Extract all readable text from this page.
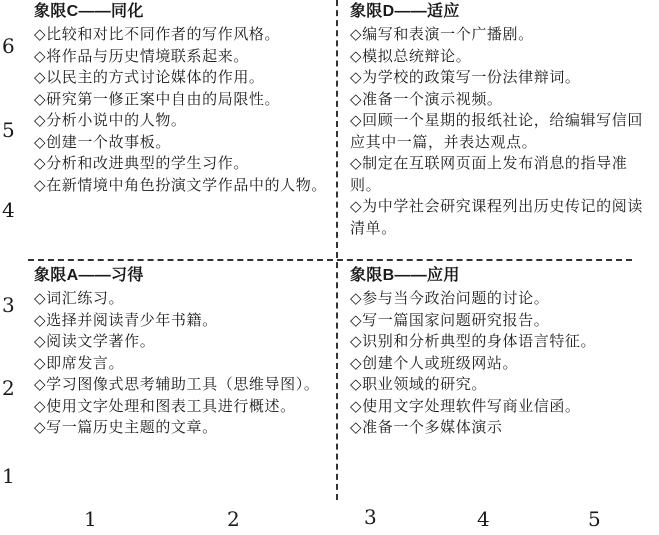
6
5
4
3
2
1
1	2	3	4	5
象限C——同化
◇比较和对比不同作者的写作风格。
◇将作品与历史情境联系起来。
◇以民主的方式讨论媒体的作用。
◇研究第一修正案中自由的局限性。
◇分析小说中的人物。
◇创建一个故事板。
◇分析和改进典型的学生习作。
◇在新情境中角色扮演文学作品中的人物。
象限D——适应
◇编写和表演一个广播剧。
◇模拟总统辩论。
◇为学校的政策写一份法律辩词。
◇准备一个演示视频。
◇回顾一个星期的报纸社论，给编辑写信回应其中一篇，并表达观点。
◇制定在互联网页面上发布消息的指导准则。
◇为中学社会研究课程列出历史传记的阅读清单。
象限A——习得
◇词汇练习。
◇选择并阅读青少年书籍。
◇阅读文学著作。
◇即席发言。
◇学习图像式思考辅助工具（思维导图）。
◇使用文字处理和图表工具进行概述。
◇写一篇历史主题的文章。
象限B——应用
◇参与当今政治问题的讨论。
◇写一篇国家问题研究报告。
◇识别和分析典型的身体语言特征。
◇创建个人或班级网站。
◇职业领域的研究。
◇使用文字处理软件写商业信函。
◇准备一个多媒体演示
